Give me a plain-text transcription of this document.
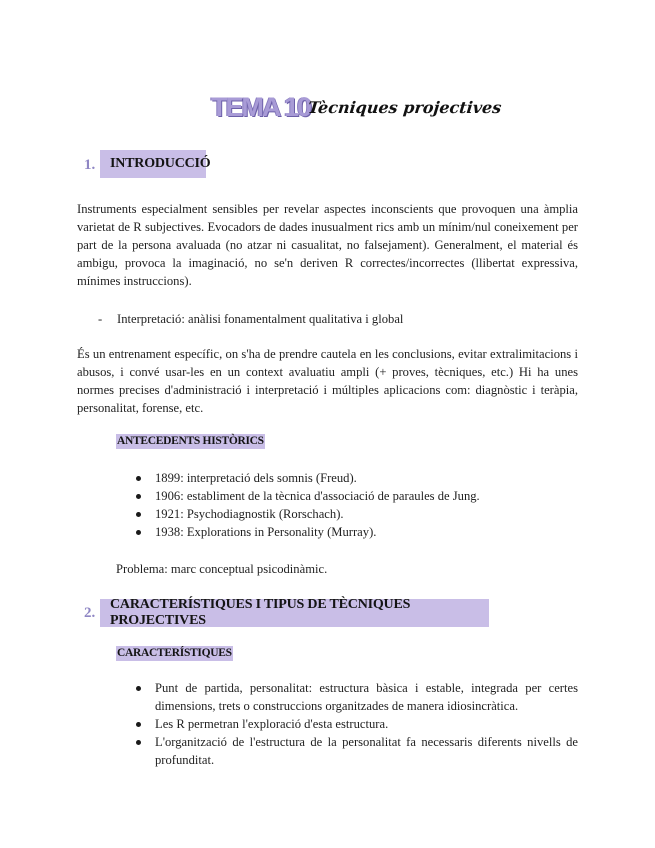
TEMA 10
Tècniques projectives
1.	INTRODUCCIÓ
Instruments especialment sensibles per revelar aspectes inconscients que provoquen una àmplia varietat de R subjectives. Evocadors de dades inusualment rics amb un mínim/nul coneixement per part de la persona avaluada (no atzar ni casualitat, no falsejament). Generalment, el material és ambigu, provoca la imaginació, no se'n deriven R correctes/incorrectes (llibertat expressiva, mínimes instruccions).
- Interpretació: anàlisi fonamentalment qualitativa i global
És un entrenament específic, on s'ha de prendre cautela en les conclusions, evitar extralimitacions i abusos, i convé usar-les en un context avaluatiu ampli (+ proves, tècniques, etc.) Hi ha unes normes precises d'administració i interpretació i múltiples aplicacions com: diagnòstic i teràpia, personalitat, forense, etc.
ANTECEDENTS HISTÒRICS
1899: interpretació dels somnis (Freud).
1906: establiment de la tècnica d'associació de paraules de Jung.
1921: Psychodiagnostik (Rorschach).
1938: Explorations in Personality (Murray).
Problema: marc conceptual psicodinàmic.
2.
CARACTERÍSTIQUES I TIPUS DE TÈCNIQUES PROJECTIVES
CARACTERÍSTIQUES
Punt de partida, personalitat: estructura bàsica i estable, integrada per certes dimensions, trets o construccions organitzades de manera idiosincràtica.
Les R permetran l'exploració d'esta estructura.
L'organització de l'estructura de la personalitat fa necessaris diferents nivells de profunditat.
